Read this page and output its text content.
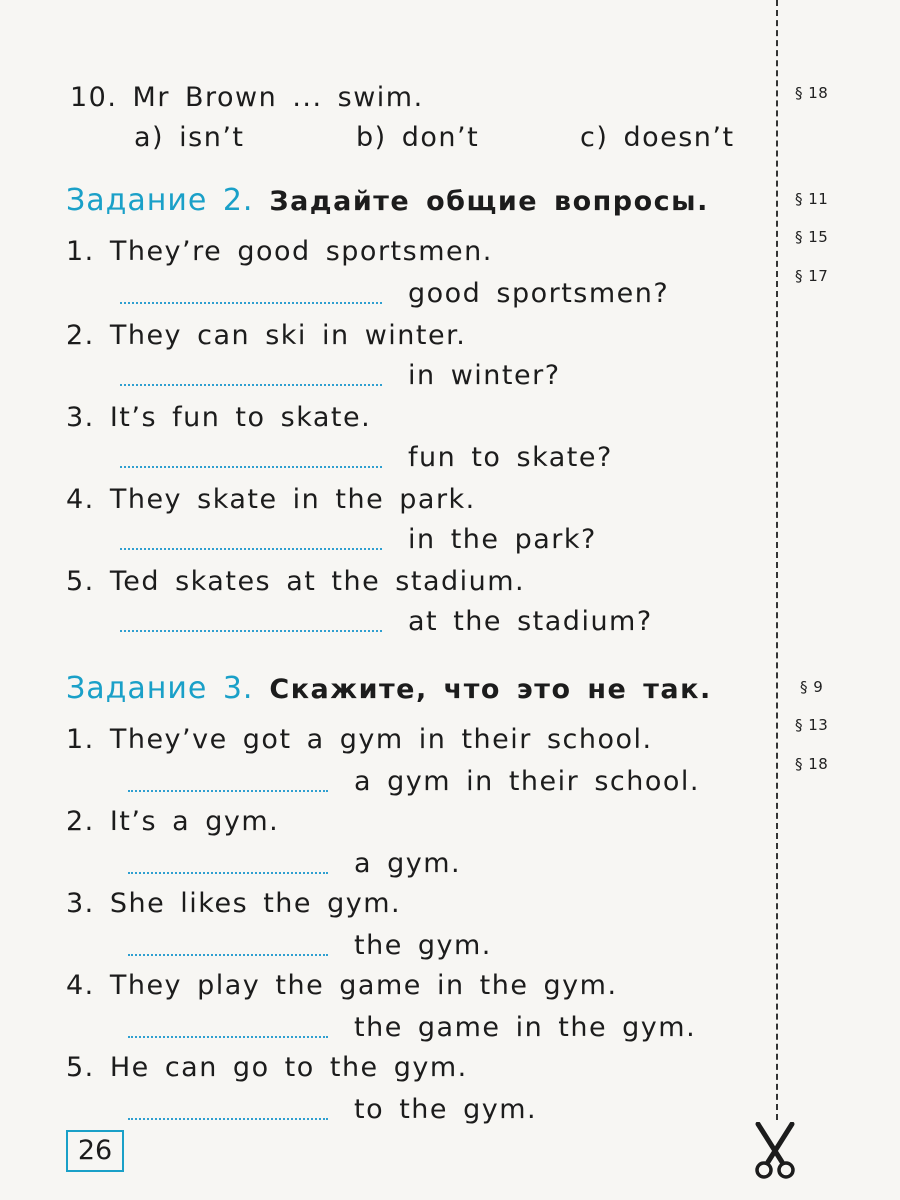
10. Mr Brown ... swim.
a) isn’t	b) don’t	c) doesn’t
§ 18
Задание 2. Задайте общие вопросы.	§ 11
§ 15
§ 17
1. They’re good sportsmen.
good sportsmen?
2. They can ski in winter.
in winter?
3. It’s fun to skate.
fun to skate?
4. They skate in the park.
in the park?
5. Ted skates at the stadium.
at the stadium?
Задание 3. Скажите, что это не так.	§ 9
§ 13
§ 18
1. They’ve got a gym in their school.
a gym in their school.
2. It’s a gym.
a gym.
3. She likes the gym.
the gym.
4. They play the game in the gym.
the game in the gym.
5. He can go to the gym.
to the gym.
26
